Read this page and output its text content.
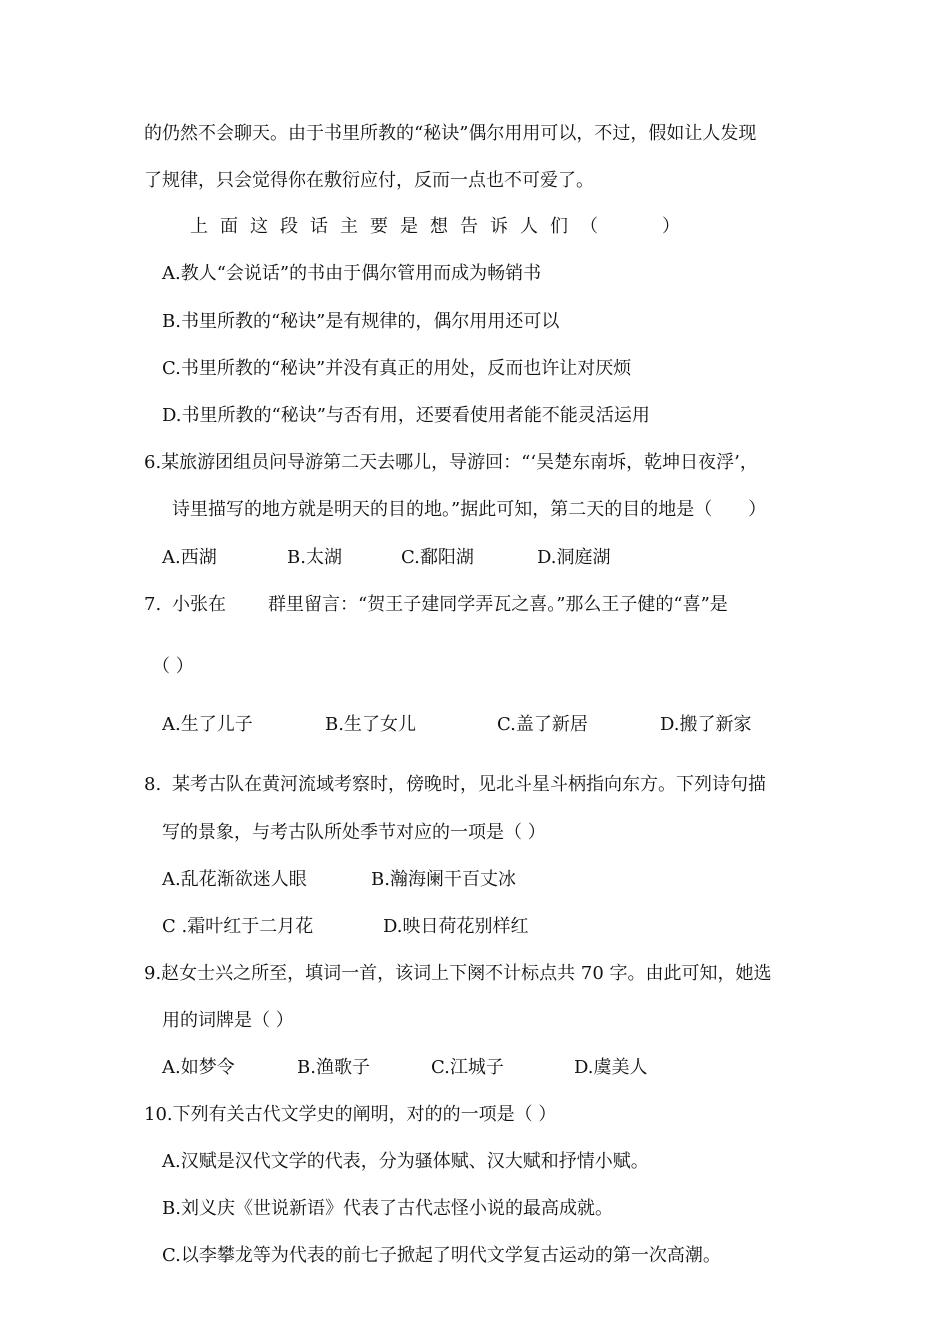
的仍然不会聊天。由于书里所教的“秘诀”偶尔用用可以，不过，假如让人发现

了规律，只会觉得你在敷衍应付，反而一点也不可爱了。

上面这段话主要是想告诉人们（	）

A.教人“会说话”的书由于偶尔管用而成为畅销书

B.书里所教的“秘诀”是有规律的，偶尔用用还可以

C.书里所教的“秘诀”并没有真正的用处，反而也许让对厌烦

D.书里所教的“秘诀”与否有用，还要看使用者能不能灵活运用

6.某旅游团组员问导游第二天去哪儿，导游回：“‘吴楚东南坼，乾坤日夜浮’，

诗里描写的地方就是明天的目的地。”据此可知，第二天的目的地是（　　）

A.西湖	B.太湖	C.鄱阳湖	D.洞庭湖
7. 小张在 群里留言：“贺王子建同学弄瓦之喜。”那么王子健的“喜”是

（ ）

A.生了儿子	B.生了女儿	C.盖了新居	D.搬了新家
8. 某考古队在黄河流域考察时，傍晚时，见北斗星斗柄指向东方。下列诗句描

写的景象，与考古队所处季节对应的一项是（ ）

A.乱花渐欲迷人眼	B.瀚海阑干百丈冰
C .霜叶红于二月花	D.映日荷花别样红

9.赵女士兴之所至，填词一首，该词上下阕不计标点共 70 字。由此可知，她选

用的词牌是（ ）

A.如梦令	B.渔歌子	C.江城子	D.虞美人

10.下列有关古代文学史的阐明，对的的一项是（ ）

A.汉赋是汉代文学的代表，分为骚体赋、汉大赋和抒情小赋。

B.刘义庆《世说新语》代表了古代志怪小说的最高成就。

C.以李攀龙等为代表的前七子掀起了明代文学复古运动的第一次高潮。
